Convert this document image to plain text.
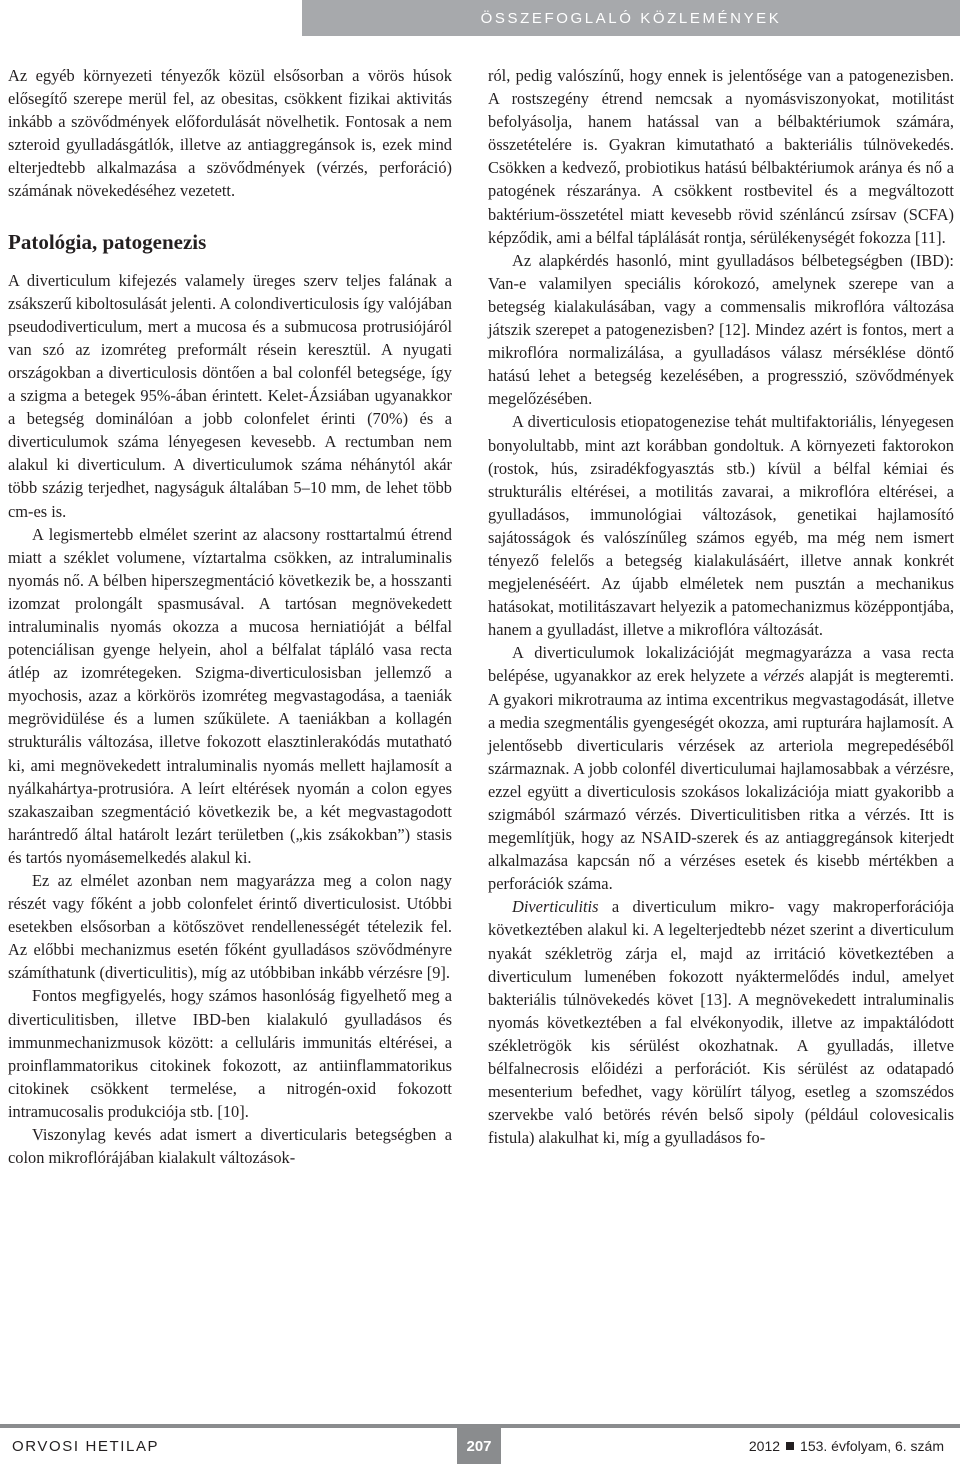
ÖSSZEFOGLALÓ KÖZLEMÉNYEK

Az egyéb környezeti tényezők közül elsősorban a vörös húsok elősegítő szerepe merül fel, az obesitas, csökkent fizikai aktivitás inkább a szövődmények előfordulását növelhetik. Fontosak a nem szteroid gyulladásgátlók, illetve az antiaggregánsok is, ezek mind elterjedtebb alkalmazása a szövődmények (vérzés, perforáció) számának növekedéséhez vezetett.

Patológia, patogenezis

A diverticulum kifejezés valamely üreges szerv teljes falának a zsákszerű kiboltosulását jelenti. A colondiverticulosis így valójában pseudodiverticulum, mert a mucosa és a submucosa protrusiójáról van szó az izomréteg preformált résein keresztül. A nyugati országokban a diverticulosis döntően a bal colonfél betegsége, így a szigma a betegek 95%-ában érintett. Kelet-Ázsiában ugyanakkor a betegség dominálóan a jobb colonfelet érinti (70%) és a diverticulumok száma lényegesen kevesebb. A rectumban nem alakul ki diverticulum. A diverticulumok száma néhánytól akár több százig terjedhet, nagyságuk általában 5–10 mm, de lehet több cm-es is.

A legismertebb elmélet szerint az alacsony rosttartalmú étrend miatt a széklet volumene, víztartalma csökken, az intraluminalis nyomás nő. A bélben hiperszegmentáció következik be, a hosszanti izomzat prolongált spasmusával. A tartósan megnövekedett intraluminalis nyomás okozza a mucosa herniatióját a bélfal potenciálisan gyenge helyein, ahol a bélfalat tápláló vasa recta átlép az izomrétegeken. Szigma-diverticulosisban jellemző a myochosis, azaz a körkörös izomréteg megvastagodása, a taeniák megrövidülése és a lumen szűkülete. A taeniákban a kollagén strukturális változása, illetve fokozott elasztinlerakódás mutatható ki, ami megnövekedett intraluminalis nyomás mellett hajlamosít a nyálkahártya-protrusióra. A leírt eltérések nyomán a colon egyes szakaszaiban szegmentáció következik be, a két megvastagodott harántredő által határolt lezárt területben („kis zsákokban”) stasis és tartós nyomásemelkedés alakul ki.

Ez az elmélet azonban nem magyarázza meg a colon nagy részét vagy főként a jobb colonfelet érintő diverticulosist. Utóbbi esetekben elsősorban a kötőszövet rendellenességét tételezik fel. Az előbbi mechanizmus esetén főként gyulladásos szövődményre számíthatunk (diverticulitis), míg az utóbbiban inkább vérzésre [9].

Fontos megfigyelés, hogy számos hasonlóság figyelhető meg a diverticulitisben, illetve IBD-ben kialakuló gyulladásos és immunmechanizmusok között: a celluláris immunitás eltérései, a proinflammatorikus citokinek fokozott, az antiinflammatorikus citokinek csökkent termelése, a nitrogén-oxid fokozott intramucosalis produkciója stb. [10].

Viszonylag kevés adat ismert a diverticularis betegségben a colon mikroflórájában kialakult változások-

ról, pedig valószínű, hogy ennek is jelentősége van a patogenezisben. A rostszegény étrend nemcsak a nyomásviszonyokat, motilitást befolyásolja, hanem hatással van a bélbaktériumok számára, összetételére is. Gyakran kimutatható a bakteriális túlnövekedés. Csökken a kedvező, probiotikus hatású bélbaktériumok aránya és nő a patogének részaránya. A csökkent rostbevitel és a megváltozott baktérium-összetétel miatt kevesebb rövid szénláncú zsírsav (SCFA) képződik, ami a bélfal táplálását rontja, sérülékenységét fokozza [11].

Az alapkérdés hasonló, mint gyulladásos bélbetegségben (IBD): Van-e valamilyen speciális kórokozó, amelynek szerepe van a betegség kialakulásában, vagy a commensalis mikroflóra változása játszik szerepet a patogenezisben? [12]. Mindez azért is fontos, mert a mikroflóra normalizálása, a gyulladásos válasz mérséklése döntő hatású lehet a betegség kezelésében, a progresszió, szövődmények megelőzésében.

A diverticulosis etiopatogenezise tehát multifaktoriális, lényegesen bonyolultabb, mint azt korábban gondoltuk. A környezeti faktorokon (rostok, hús, zsiradékfogyasztás stb.) kívül a bélfal kémiai és strukturális eltérései, a motilitás zavarai, a mikroflóra eltérései, a gyulladásos, immunológiai változások, genetikai hajlamosító sajátosságok és valószínűleg számos egyéb, ma még nem ismert tényező felelős a betegség kialakulásáért, illetve annak konkrét megjelenéséért. Az újabb elméletek nem pusztán a mechanikus hatásokat, motilitászavart helyezik a patomechanizmus középpontjába, hanem a gyulladást, illetve a mikroflóra változását.

A diverticulumok lokalizációját megmagyarázza a vasa recta belépése, ugyanakkor az erek helyzete a vérzés alapját is megteremti. A gyakori mikrotrauma az intima excentrikus megvastagodását, illetve a media szegmentális gyengeségét okozza, ami rupturára hajlamosít. A jelentősebb diverticularis vérzések az arteriola megrepedéséből származnak. A jobb colonfél diverticulumai hajlamosabbak a vérzésre, ezzel együtt a diverticulosis szokásos lokalizációja miatt gyakoribb a szigmából származó vérzés. Diverticulitisben ritka a vérzés. Itt is megemlítjük, hogy az NSAID-szerek és az antiaggregánsok kiterjedt alkalmazása kapcsán nő a vérzéses esetek és kisebb mértékben a perforációk száma.

Diverticulitis a diverticulum mikro- vagy makroperforációja következtében alakul ki. A legelterjedtebb nézet szerint a diverticulum nyakát székletrög zárja el, majd az irritáció következtében a diverticulum lumenében fokozott nyáktermelődés indul, amelyet bakteriális túlnövekedés követ [13]. A megnövekedett intraluminalis nyomás következtében a fal elvékonyodik, illetve az impaktálódott székletrögök kis sérülést okozhatnak. A gyulladás, illetve bélfalnecrosis előidézi a perforációt. Kis sérülést az odatapadó mesenterium befedhet, vagy körülírt tályog, esetleg a szomszédos szervekbe való betörés révén belső sipoly (például colovesicalis fistula) alakulhat ki, míg a gyulladásos fo-

ORVOSI HETILAP	207	2012 153. évfolyam, 6. szám
